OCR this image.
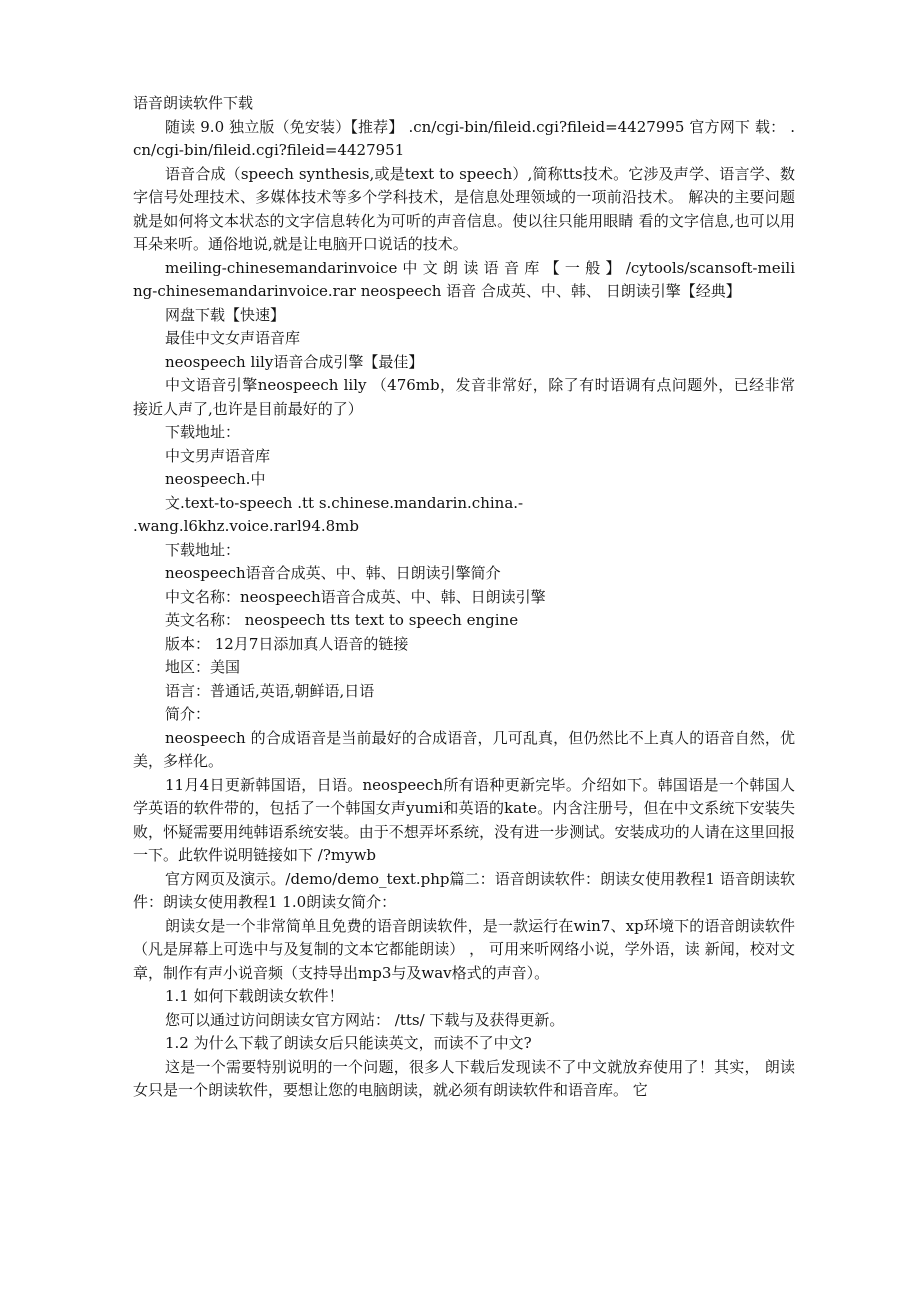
语音朗读软件下载

随读 9.0 独立版（免安装）【推荐】 .cn/cgi-bin/fileid.cgi?fileid=4427995 官方网下 载： .cn/cgi-bin/fileid.cgi?fileid=4427951

语音合成（speech synthesis,或是text to speech）,简称tts技术。它涉及声学、语言学、数字信号处理技术、多媒体技术等多个学科技术，是信息处理领域的一项前沿技术。 解决的主要问题就是如何将文本状态的文字信息转化为可听的声音信息。使以往只能用眼睛 看的文字信息,也可以用耳朵来听。通俗地说,就是让电脑开口说话的技术。

meiling-chinesemandarinvoice 中 文 朗 读 语 音 库 【 一 般 】 /cytools/scansoft-meiling-chinesemandarinvoice.rar neospeech 语音 合成英、中、韩、 日朗读引擎【经典】

网盘下载【快速】

最佳中文女声语音库

neospeech lily语音合成引擎【最佳】

中文语音引擎neospeech lily （476mb，发音非常好，除了有时语调有点问题外，已经非常接近人声了,也许是目前最好的了）

下载地址：

中文男声语音库

neospeech.中

文.text-to-speech .tt s.chinese.mandarin.china.-

.wang.l6khz.voice.rarl94.8mb

下载地址：

neospeech语音合成英、中、韩、日朗读引擎简介

中文名称：neospeech语音合成英、中、韩、日朗读引擎

英文名称： neospeech tts text to speech engine

版本： 12月7日添加真人语音的链接

地区：美国

语言：普通话,英语,朝鲜语,日语

简介：

neospeech 的合成语音是当前最好的合成语音，几可乱真，但仍然比不上真人的语音自然，优美，多样化。

11月4日更新韩国语，日语。neospeech所有语种更新完毕。介绍如下。韩国语是一个韩国人学英语的软件带的，包括了一个韩国女声yumi和英语的kate。内含注册号，但在中文系统下安装失败，怀疑需要用纯韩语系统安装。由于不想弄坏系统，没有进一步测试。安装成功的人请在这里回报一下。此软件说明链接如下 /?mywb

官方网页及演示。/demo/demo_text.php篇二：语音朗读软件：朗读女使用教程1 语音朗读软件：朗读女使用教程1 1.0朗读女简介：

朗读女是一个非常简单且免费的语音朗读软件，是一款运行在win7、xp环境下的语音朗读软件（凡是屏幕上可选中与及复制的文本它都能朗读） ， 可用来听网络小说，学外语，读 新闻，校对文章，制作有声小说音频（支持导出mp3与及wav格式的声音）。

1.1 如何下载朗读女软件！

您可以通过访问朗读女官方网站： /tts/ 下载与及获得更新。

1.2 为什么下载了朗读女后只能读英文，而读不了中文?

这是一个需要特别说明的一个问题，很多人下载后发现读不了中文就放弃使用了！其实， 朗读女只是一个朗读软件，要想让您的电脑朗读，就必须有朗读软件和语音库。 它
